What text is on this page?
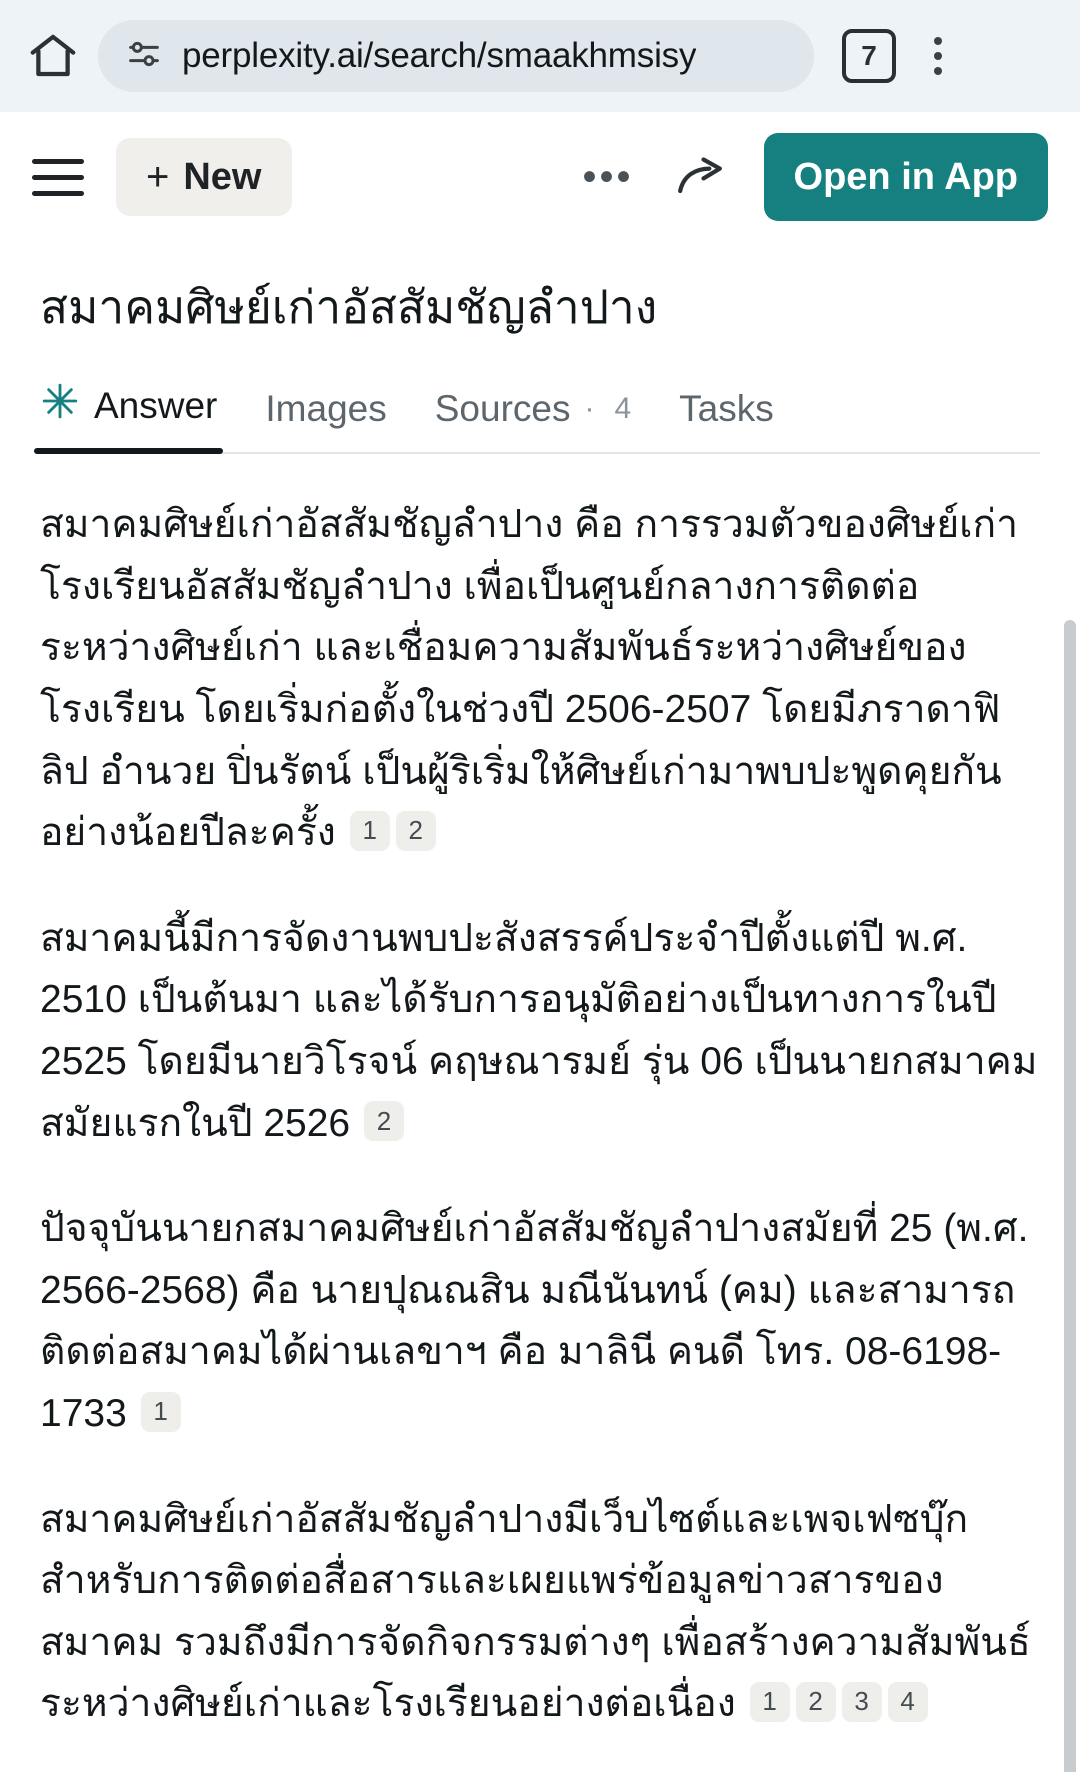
perplexity.ai/search/smaakhmsisy	7
+ New	•••	Open in App
สมาคมศิษย์เก่าอัสสัมชัญลำปาง
Answer Images Sources · 4 Tasks

สมาคมศิษย์เก่าอัสสัมชัญลำปาง คือ การรวมตัวของศิษย์เก่าโรงเรียนอัสสัมชัญลำปาง เพื่อเป็นศูนย์กลางการติดต่อระหว่างศิษย์เก่า และเชื่อมความสัมพันธ์ระหว่างศิษย์ของโรงเรียน โดยเริ่มก่อตั้งในช่วงปี 2506-2507 โดยมีภราดาฟิลิป อำนวย ปิ่นรัตน์ เป็นผู้ริเริ่มให้ศิษย์เก่ามาพบปะพูดคุยกันอย่างน้อยปีละครั้ง 1 2

สมาคมนี้มีการจัดงานพบปะสังสรรค์ประจำปีตั้งแต่ปี พ.ศ. 2510 เป็นต้นมา และได้รับการอนุมัติอย่างเป็นทางการในปี 2525 โดยมีนายวิโรจน์ คฤษณารมย์ รุ่น 06 เป็นนายกสมาคมสมัยแรกในปี 2526 2

ปัจจุบันนายกสมาคมศิษย์เก่าอัสสัมชัญลำปางสมัยที่ 25 (พ.ศ. 2566-2568) คือ นายปุณณสิน มณีนันทน์ (คม) และสามารถติดต่อสมาคมได้ผ่านเลขาฯ คือ มาลินี คนดี โทร. 08-6198-1733 1

สมาคมศิษย์เก่าอัสสัมชัญลำปางมีเว็บไซต์และเพจเฟซบุ๊กสำหรับการติดต่อสื่อสารและเผยแพร่ข้อมูลข่าวสารของสมาคม รวมถึงมีการจัดกิจกรรมต่างๆ เพื่อสร้างความสัมพันธ์ระหว่างศิษย์เก่าและโรงเรียนอย่างต่อเนื่อง 1 2 3 4
